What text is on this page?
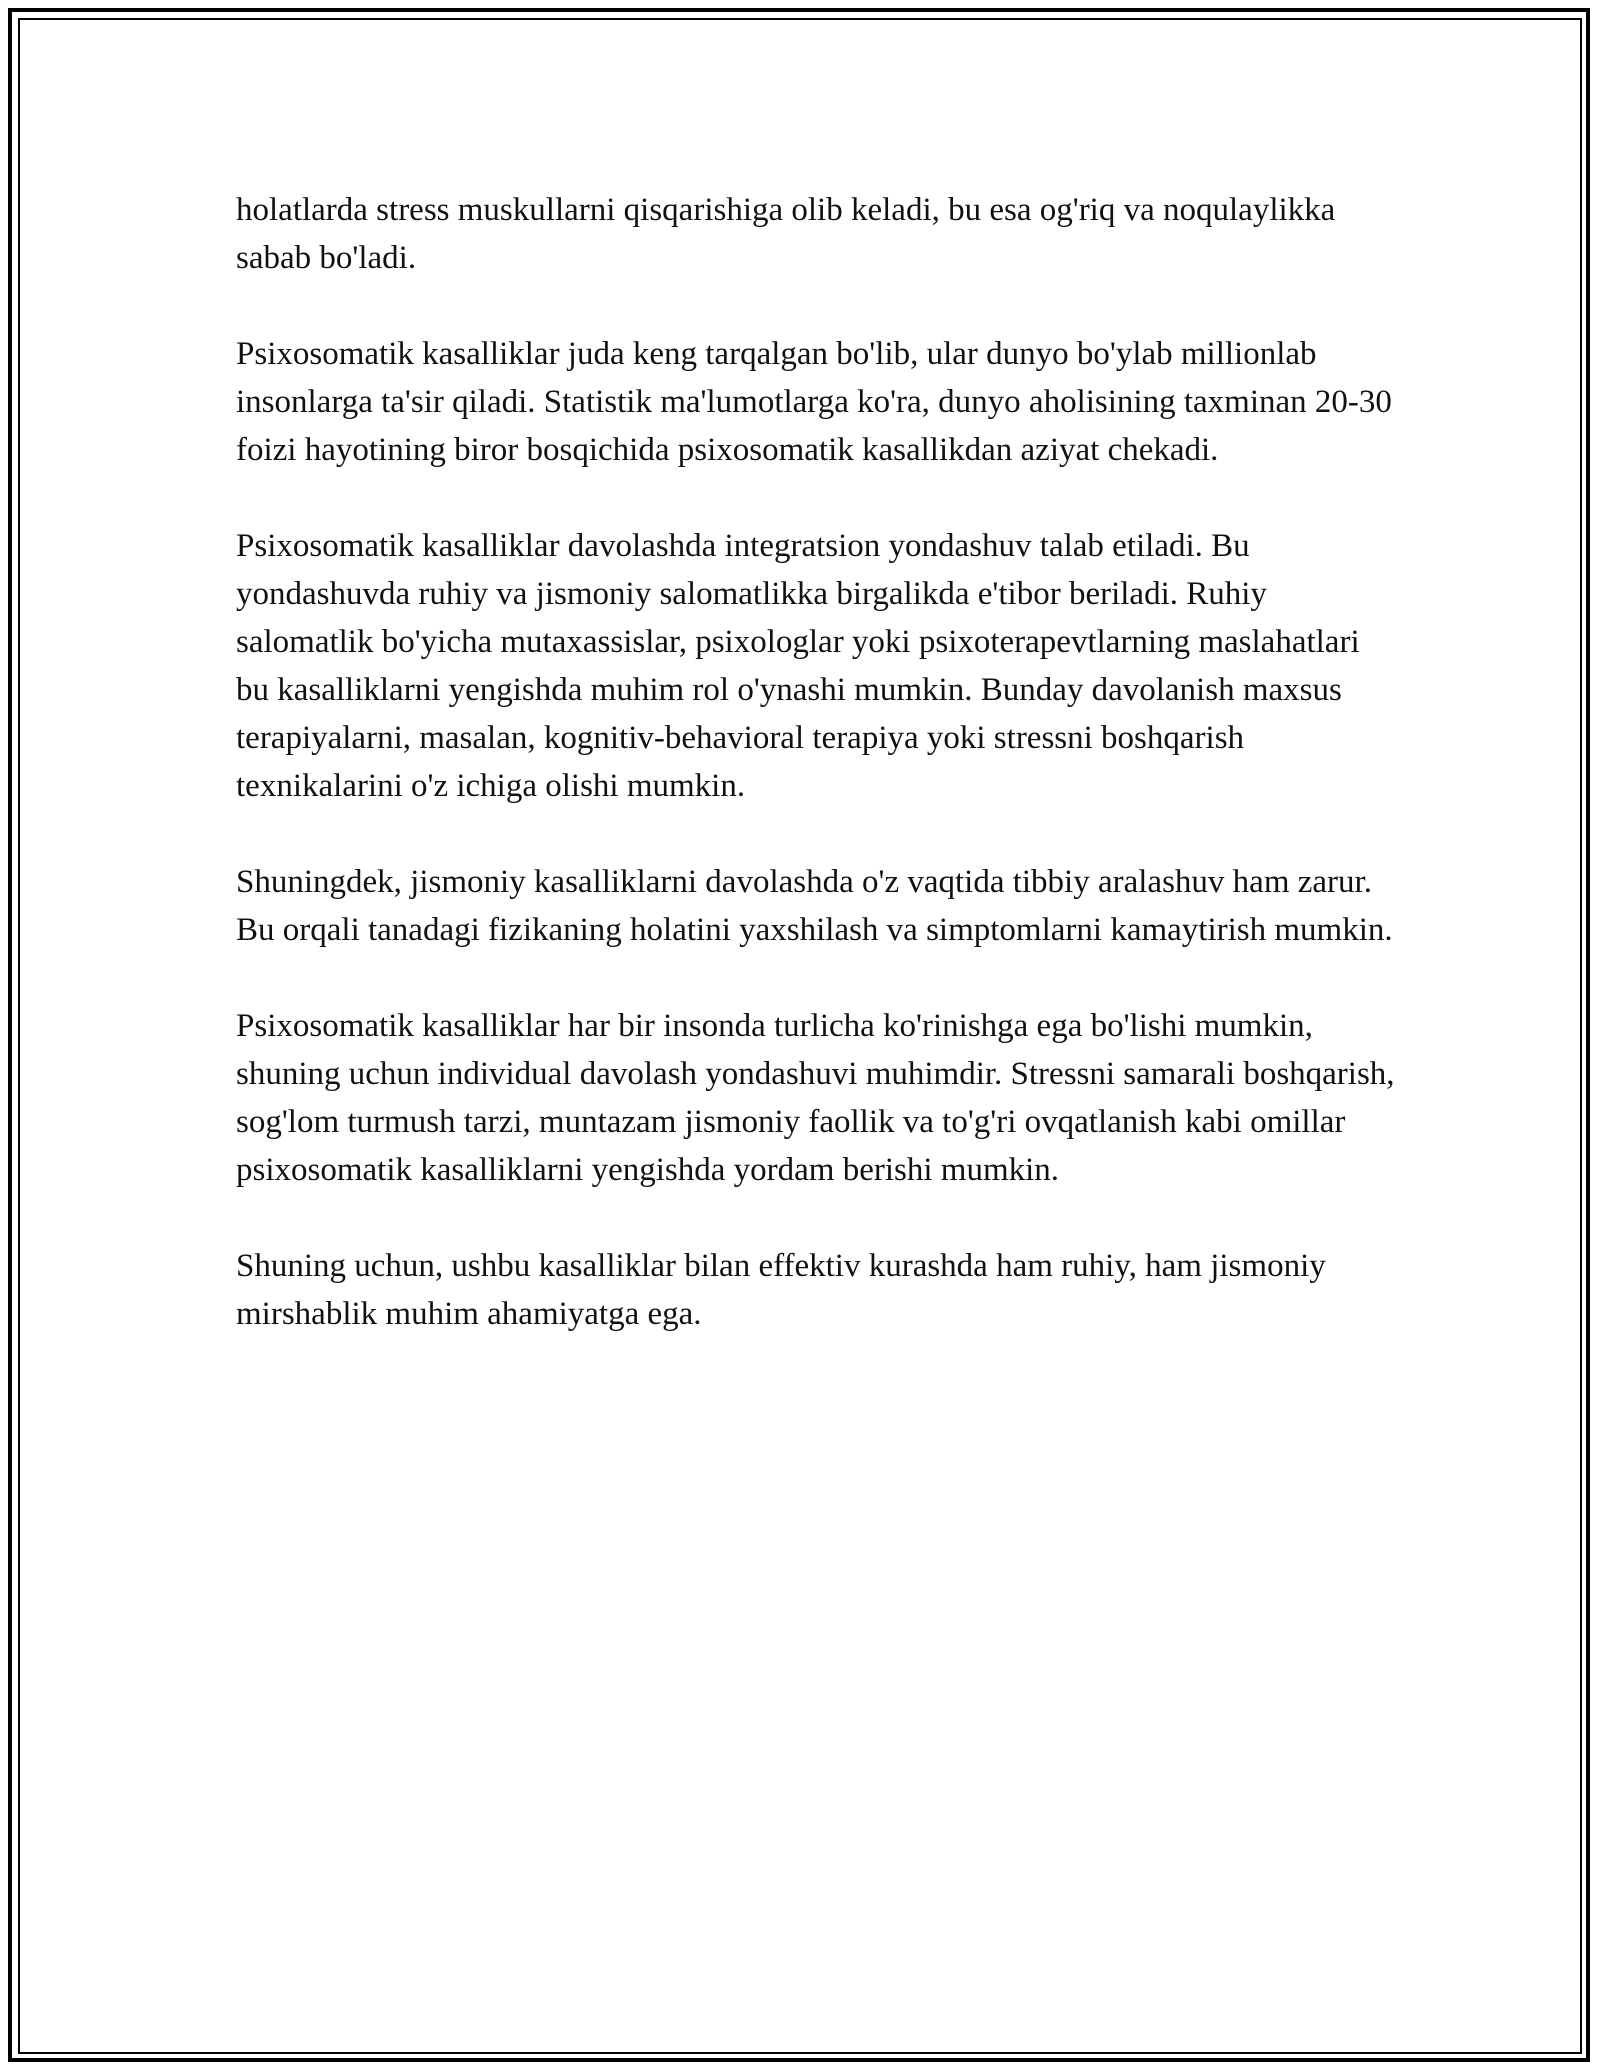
holatlarda stress muskullarni qisqarishiga olib keladi, bu esa og'riq va noqulaylikka sabab bo'ladi.

Psixosomatik kasalliklar juda keng tarqalgan bo'lib, ular dunyo bo'ylab millionlab insonlarga ta'sir qiladi. Statistik ma'lumotlarga ko'ra, dunyo aholisining taxminan 20-30 foizi hayotining biror bosqichida psixosomatik kasallikdan aziyat chekadi.

Psixosomatik kasalliklar davolashda integratsion yondashuv talab etiladi. Bu yondashuvda ruhiy va jismoniy salomatlikka birgalikda e'tibor beriladi. Ruhiy salomatlik bo'yicha mutaxassislar, psixologlar yoki psixoterapevtlarning maslahatlari bu kasalliklarni yengishda muhim rol o'ynashi mumkin. Bunday davolanish maxsus terapiyalarni, masalan, kognitiv-behavioral terapiya yoki stressni boshqarish texnikalarini o'z ichiga olishi mumkin.

Shuningdek, jismoniy kasalliklarni davolashda o'z vaqtida tibbiy aralashuv ham zarur. Bu orqali tanadagi fizikaning holatini yaxshilash va simptomlarni kamaytirish mumkin.

Psixosomatik kasalliklar har bir insonda turlicha ko'rinishga ega bo'lishi mumkin, shuning uchun individual davolash yondashuvi muhimdir. Stressni samarali boshqarish, sog'lom turmush tarzi, muntazam jismoniy faollik va to'g'ri ovqatlanish kabi omillar psixosomatik kasalliklarni yengishda yordam berishi mumkin.

Shuning uchun, ushbu kasalliklar bilan effektiv kurashda ham ruhiy, ham jismoniy mirshablik muhim ahamiyatga ega.
